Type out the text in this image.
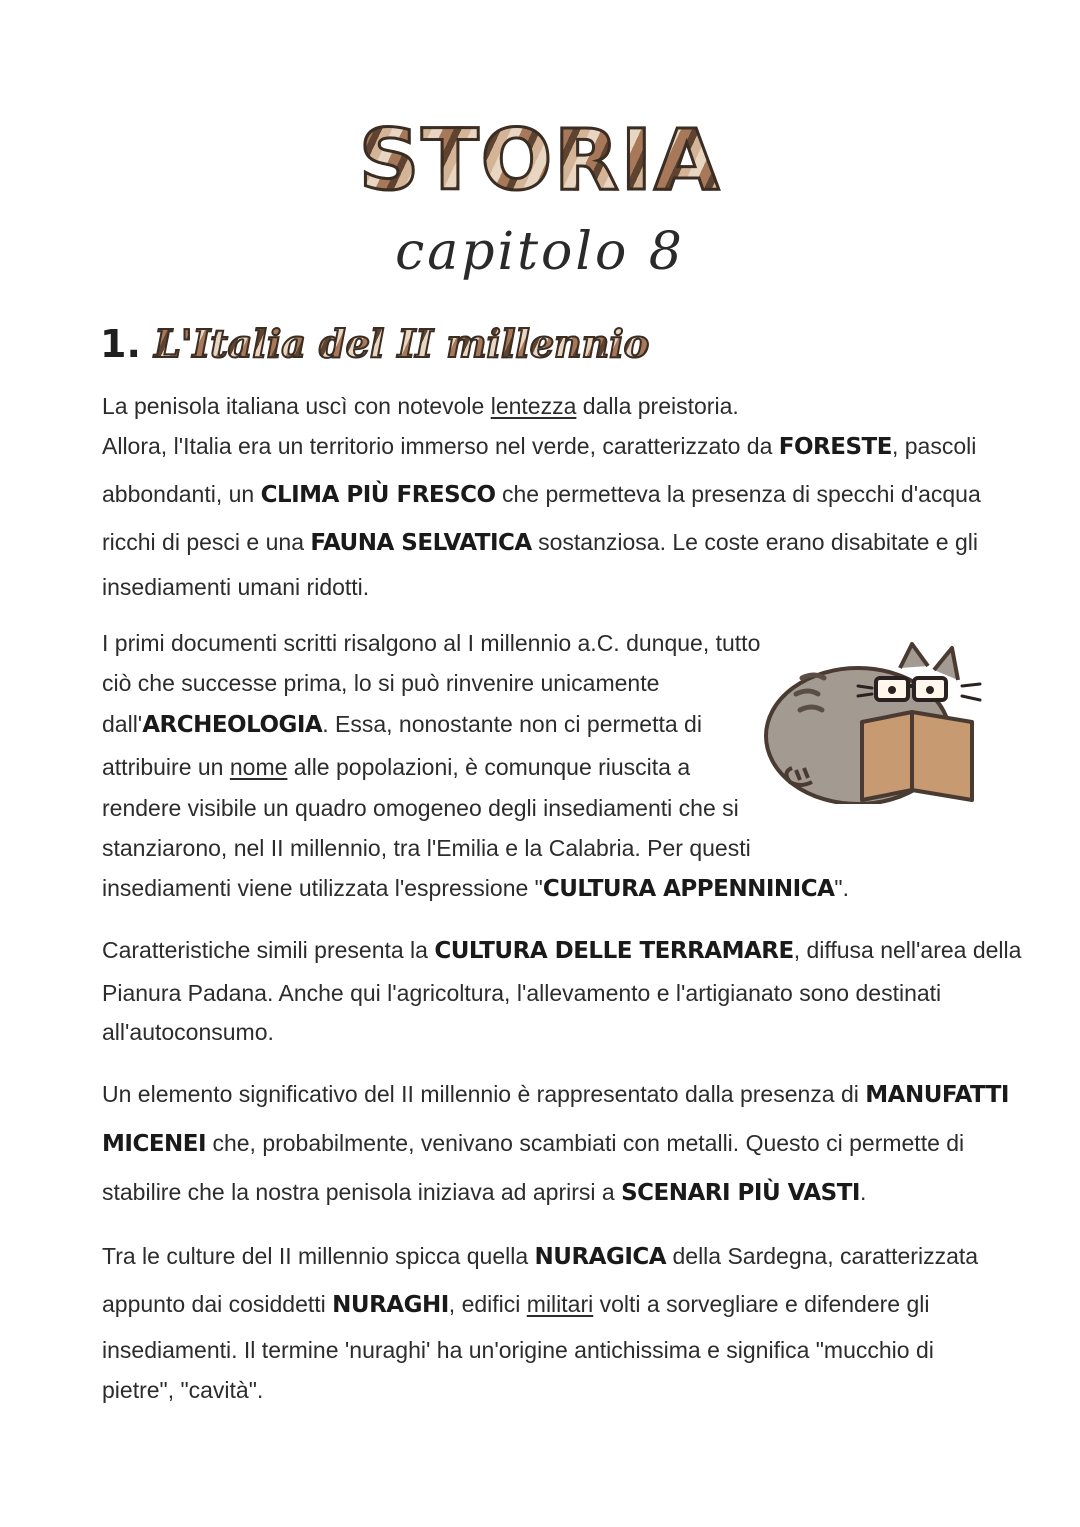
STORIA
capitolo 8
1. L'Italia del II millennio
La penisola italiana uscì con notevole lentezza dalla preistoria.
Allora, l'Italia era un territorio immerso nel verde, caratterizzato da FORESTE, pascoli
abbondanti, un CLIMA PIÙ FRESCO che permetteva la presenza di specchi d'acqua
ricchi di pesci e una FAUNA SELVATICA sostanziosa. Le coste erano disabitate e gli
insediamenti umani ridotti.
I primi documenti scritti risalgono al I millennio a.C. dunque, tutto
ciò che successe prima, lo si può rinvenire unicamente
dall'ARCHEOLOGIA. Essa, nonostante non ci permetta di
attribuire un nome alle popolazioni, è comunque riuscita a
rendere visibile un quadro omogeneo degli insediamenti che si
stanziarono, nel II millennio, tra l'Emilia e la Calabria. Per questi
insediamenti viene utilizzata l'espressione "CULTURA APPENNINICA".
Caratteristiche simili presenta la CULTURA DELLE TERRAMARE, diffusa nell'area della
Pianura Padana. Anche qui l'agricoltura, l'allevamento e l'artigianato sono destinati
all'autoconsumo.
Un elemento significativo del II millennio è rappresentato dalla presenza di MANUFATTI
MICENEI che, probabilmente, venivano scambiati con metalli. Questo ci permette di
stabilire che la nostra penisola iniziava ad aprirsi a SCENARI PIÙ VASTI.
Tra le culture del II millennio spicca quella NURAGICA della Sardegna, caratterizzata
appunto dai cosiddetti NURAGHI, edifici militari volti a sorvegliare e difendere gli
insediamenti. Il termine 'nuraghi' ha un'origine antichissima e significa "mucchio di
pietre", "cavità".
